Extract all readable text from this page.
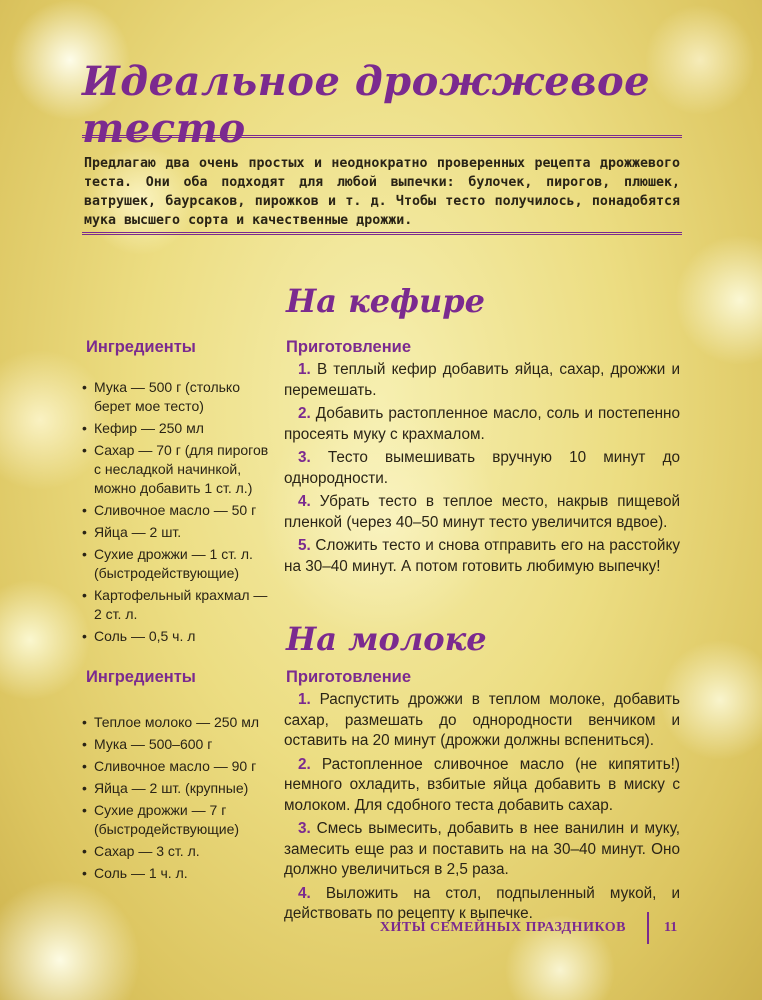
Идеальное дрожжевое тесто

Предлагаю два очень простых и неоднократно проверенных рецепта дрожжевого теста. Они оба подходят для любой выпечки: булочек, пирогов, плюшек, ватрушек, баурсаков, пирожков и т. д. Чтобы тесто получилось, понадобятся мука высшего сорта и качественные дрожжи.

На кефире
Ингредиенты
• Мука — 500 г (столько берет мое тесто)
• Кефир — 250 мл
• Сахар — 70 г (для пирогов с несладкой начинкой, можно добавить 1 ст. л.)
• Сливочное масло — 50 г
• Яйца — 2 шт.
• Сухие дрожжи — 1 ст. л. (быстродействующие)
• Картофельный крахмал — 2 ст. л.
• Соль — 0,5 ч. л
Приготовление
1. В теплый кефир добавить яйца, сахар, дрожжи и перемешать.
2. Добавить растопленное масло, соль и постепенно просеять муку с крахмалом.
3. Тесто вымешивать вручную 10 минут до однородности.
4. Убрать тесто в теплое место, накрыв пищевой пленкой (через 40–50 минут тесто увеличится вдвое).
5. Сложить тесто и снова отправить его на расстойку на 30–40 минут. А потом готовить любимую выпечку!
На молоке
Ингредиенты
• Теплое молоко — 250 мл
• Мука — 500–600 г
• Сливочное масло — 90 г
• Яйца — 2 шт. (крупные)
• Сухие дрожжи — 7 г (быстродействующие)
• Сахар — 3 ст. л.
• Соль — 1 ч. л.
Приготовление
1. Распустить дрожжи в теплом молоке, добавить сахар, размешать до однородности венчиком и оставить на 20 минут (дрожжи должны вспениться).
2. Растопленное сливочное масло (не кипятить!) немного охладить, взбитые яйца добавить в миску с молоком. Для сдобного теста добавить сахар.
3. Смесь вымесить, добавить в нее ванилин и муку, замесить еще раз и поставить на на 30–40 минут. Оно должно увеличиться в 2,5 раза.
4. Выложить на стол, подпыленный мукой, и действовать по рецепту к выпечке.
ХИТЫ СЕМЕЙНЫХ ПРАЗДНИКОВ	11
